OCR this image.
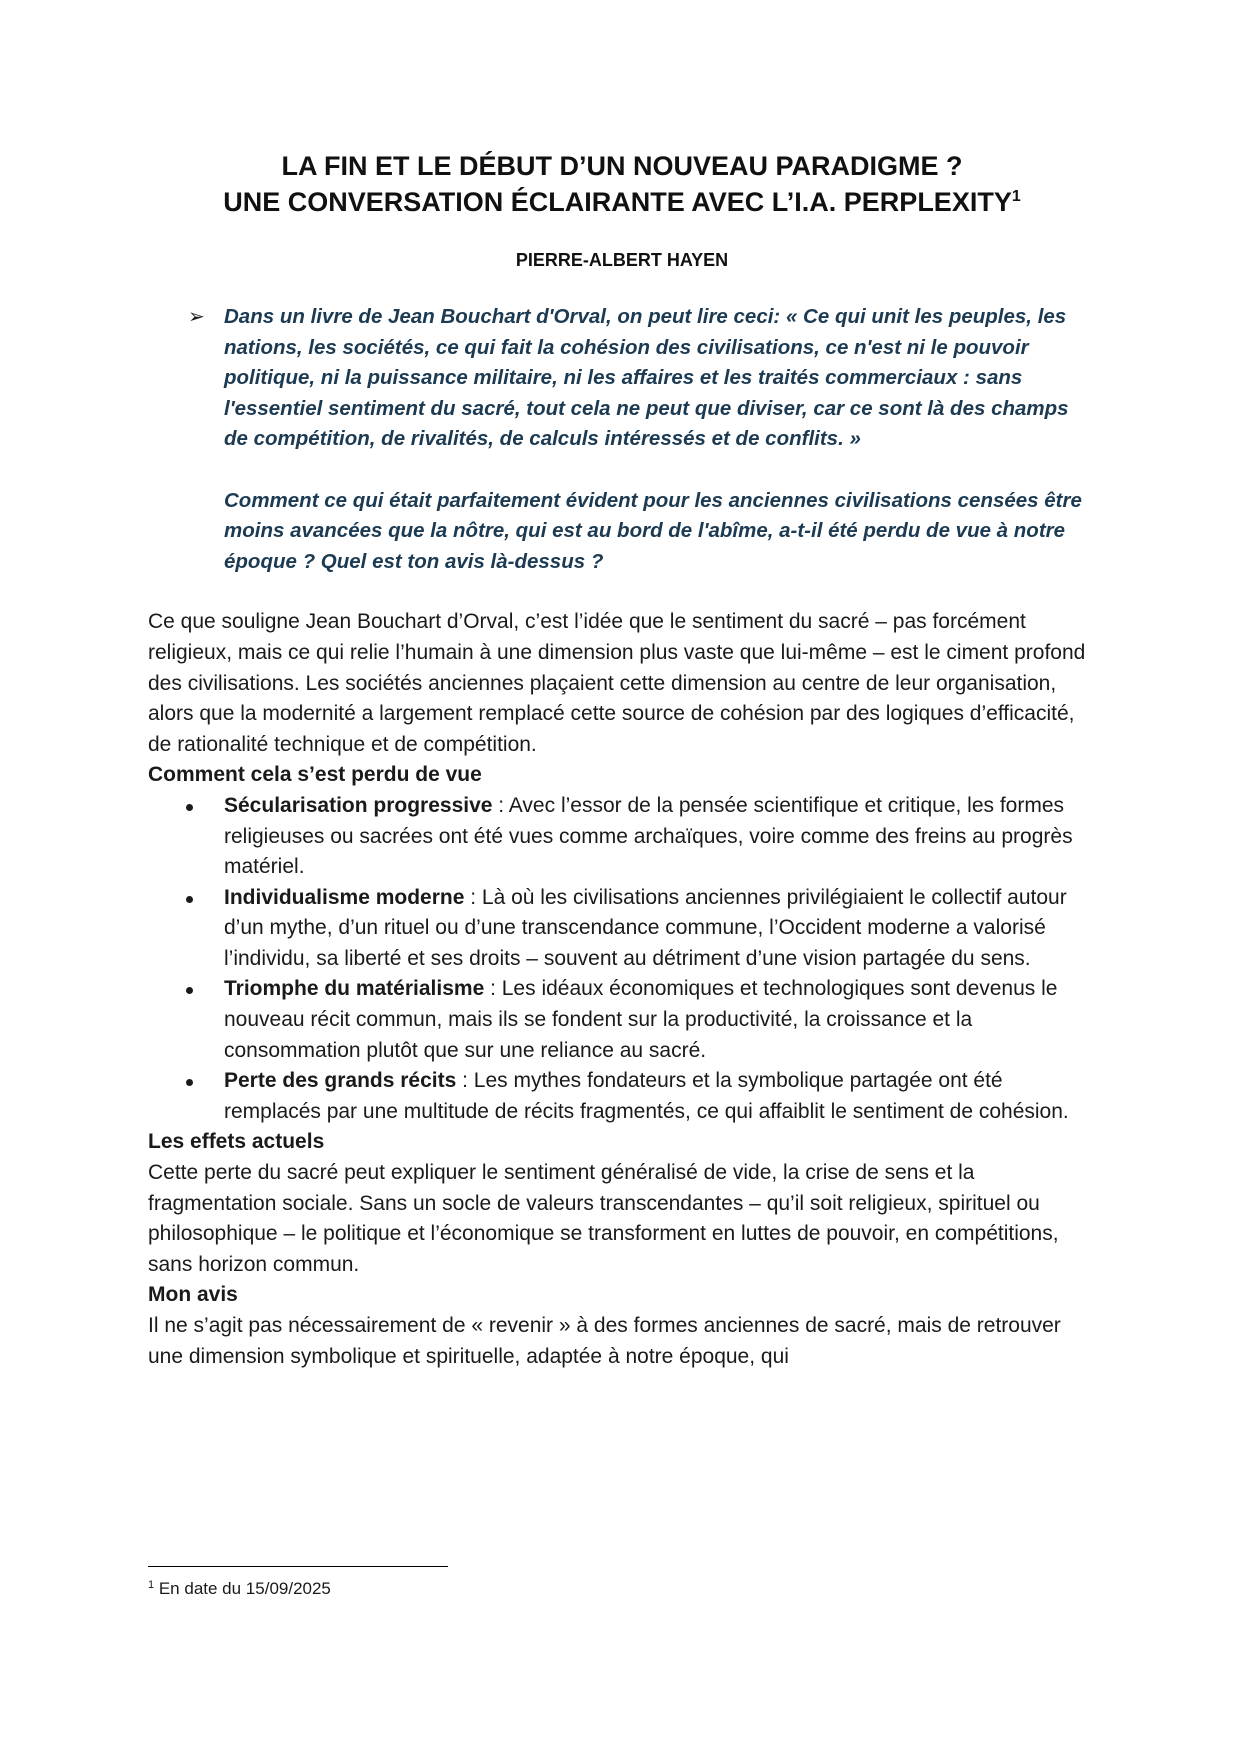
LA FIN ET LE DÉBUT D’UN NOUVEAU PARADIGME ?
UNE CONVERSATION ÉCLAIRANTE AVEC L’I.A. PERPLEXITY$^1$
PIERRE-ALBERT HAYEN
➢ Dans un livre de Jean Bouchart d'Orval, on peut lire ceci: « Ce qui unit les peuples, les nations, les sociétés, ce qui fait la cohésion des civilisations, ce n'est ni le pouvoir politique, ni la puissance militaire, ni les affaires et les traités commerciaux : sans l'essentiel sentiment du sacré, tout cela ne peut que diviser, car ce sont là des champs de compétition, de rivalités, de calculs intéressés et de conflits. »

Comment ce qui était parfaitement évident pour les anciennes civilisations censées être moins avancées que la nôtre, qui est au bord de l'abîme, a-t-il été perdu de vue à notre époque ? Quel est ton avis là-dessus ?

Ce que souligne Jean Bouchart d’Orval, c’est l’idée que le sentiment du sacré – pas forcément religieux, mais ce qui relie l’humain à une dimension plus vaste que lui-même – est le ciment profond des civilisations. Les sociétés anciennes plaçaient cette dimension au centre de leur organisation, alors que la modernité a largement remplacé cette source de cohésion par des logiques d’efficacité, de rationalité technique et de compétition.

Comment cela s’est perdu de vue
Sécularisation progressive : Avec l’essor de la pensée scientifique et critique, les formes religieuses ou sacrées ont été vues comme archaïques, voire comme des freins au progrès matériel.
Individualisme moderne : Là où les civilisations anciennes privilégiaient le collectif autour d’un mythe, d’un rituel ou d’une transcendance commune, l’Occident moderne a valorisé l’individu, sa liberté et ses droits – souvent au détriment d’une vision partagée du sens.
Triomphe du matérialisme : Les idéaux économiques et technologiques sont devenus le nouveau récit commun, mais ils se fondent sur la productivité, la croissance et la consommation plutôt que sur une reliance au sacré.
Perte des grands récits : Les mythes fondateurs et la symbolique partagée ont été remplacés par une multitude de récits fragmentés, ce qui affaiblit le sentiment de cohésion.
Les effets actuels

Cette perte du sacré peut expliquer le sentiment généralisé de vide, la crise de sens et la fragmentation sociale. Sans un socle de valeurs transcendantes – qu’il soit religieux, spirituel ou philosophique – le politique et l’économique se transforment en luttes de pouvoir, en compétitions, sans horizon commun.

Mon avis

Il ne s’agit pas nécessairement de « revenir » à des formes anciennes de sacré, mais de retrouver une dimension symbolique et spirituelle, adaptée à notre époque, qui

$^1$ En date du 15/09/2025
